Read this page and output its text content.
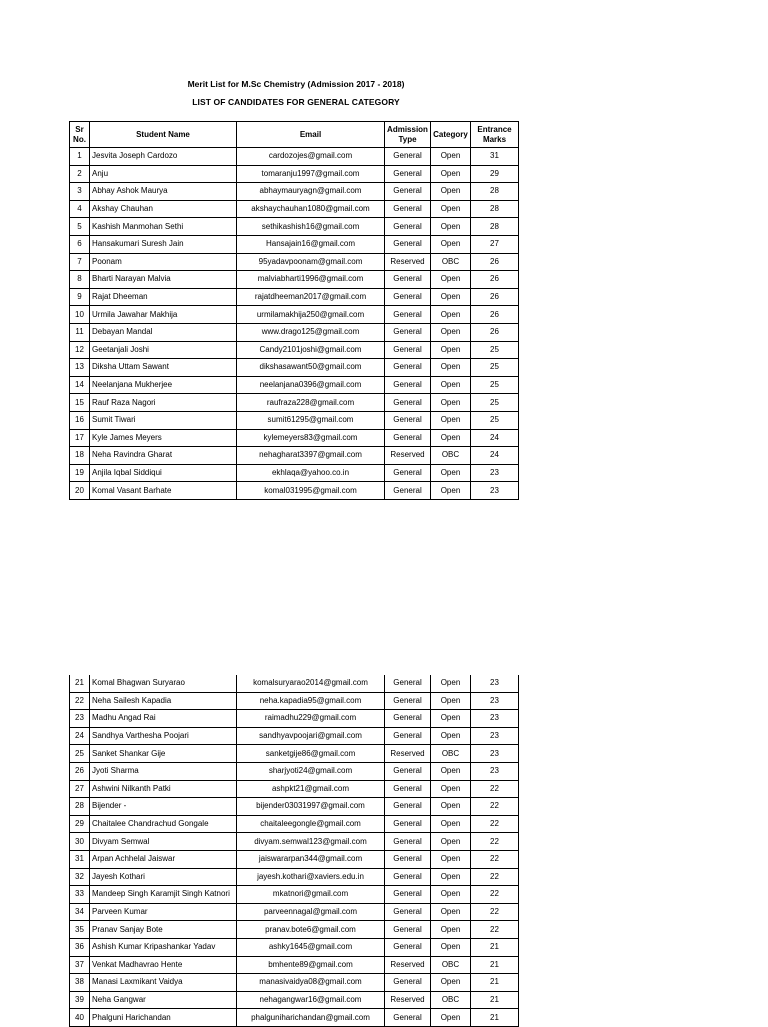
Merit List for M.Sc Chemistry (Admission 2017 - 2018)
LIST OF CANDIDATES FOR GENERAL CATEGORY
Sr No.	Student Name	Email	Admission Type	Category	Entrance Marks
1	Jesvita Joseph Cardozo	cardozojes@gmail.com	General	Open	31
2	Anju	tomaranju1997@gmail.com	General	Open	29
3	Abhay Ashok Maurya	abhaymauryagn@gmail.com	General	Open	28
4	Akshay Chauhan	akshaychauhan1080@gmail.com	General	Open	28
5	Kashish Manmohan Sethi	sethikashish16@gmail.com	General	Open	28
6	Hansakumari Suresh Jain	Hansajain16@gmail.com	General	Open	27
7	Poonam	95yadavpoonam@gmail.com	Reserved	OBC	26
8	Bharti Narayan Malvia	malviabharti1996@gmail.com	General	Open	26
9	Rajat Dheeman	rajatdheeman2017@gmail.com	General	Open	26
10	Urmila Jawahar Makhija	urmilamakhija250@gmail.com	General	Open	26
11	Debayan Mandal	www.drago125@gmail.com	General	Open	26
12	Geetanjali Joshi	Candy2101joshi@gmail.com	General	Open	25
13	Diksha Uttam Sawant	dikshasawant50@gmail.com	General	Open	25
14	Neelanjana Mukherjee	neelanjana0396@gmail.com	General	Open	25
15	Rauf Raza Nagori	raufraza228@gmail.com	General	Open	25
16	Sumit Tiwari	sumit61295@gmail.com	General	Open	25
17	Kyle James Meyers	kylemeyers83@gmail.com	General	Open	24
18	Neha Ravindra Gharat	nehagharat3397@gmail.com	Reserved	OBC	24
19	Anjila Iqbal Siddiqui	ekhlaqa@yahoo.co.in	General	Open	23
20	Komal Vasant Barhate	komal031995@gmail.com	General	Open	23
21	Komal Bhagwan Suryarao	komalsuryarao2014@gmail.com	General	Open	23
22	Neha Sailesh Kapadia	neha.kapadia95@gmail.com	General	Open	23
23	Madhu Angad Rai	raimadhu229@gmail.com	General	Open	23
24	Sandhya Varthesha Poojari	sandhyavpoojari@gmail.com	General	Open	23
25	Sanket Shankar Gije	sanketgije86@gmail.com	Reserved	OBC	23
26	Jyoti Sharma	sharjyoti24@gmail.com	General	Open	23
27	Ashwini Nilkanth Patki	ashpkt21@gmail.com	General	Open	22
28	Bijender -	bijender03031997@gmail.com	General	Open	22
29	Chaitalee Chandrachud Gongale	chaitaleegongle@gmail.com	General	Open	22
30	Divyam Semwal	divyam.semwal123@gmail.com	General	Open	22
31	Arpan Achhelal Jaiswar	jaiswararpan344@gmail.com	General	Open	22
32	Jayesh Kothari	jayesh.kothari@xaviers.edu.in	General	Open	22
33	Mandeep Singh Karamjit Singh Katnori	mkatnori@gmail.com	General	Open	22
34	Parveen Kumar	parveennagal@gmail.com	General	Open	22
35	Pranav Sanjay Bote	pranav.bote6@gmail.com	General	Open	22
36	Ashish Kumar Kripashankar Yadav	ashky1645@gmail.com	General	Open	21
37	Venkat Madhavrao Hente	bmhente89@gmail.com	Reserved	OBC	21
38	Manasi Laxmikant Vaidya	manasivaidya08@gmail.com	General	Open	21
39	Neha Gangwar	nehagangwar16@gmail.com	Reserved	OBC	21
40	Phalguni Harichandan	phalguniharichandan@gmail.com	General	Open	21
